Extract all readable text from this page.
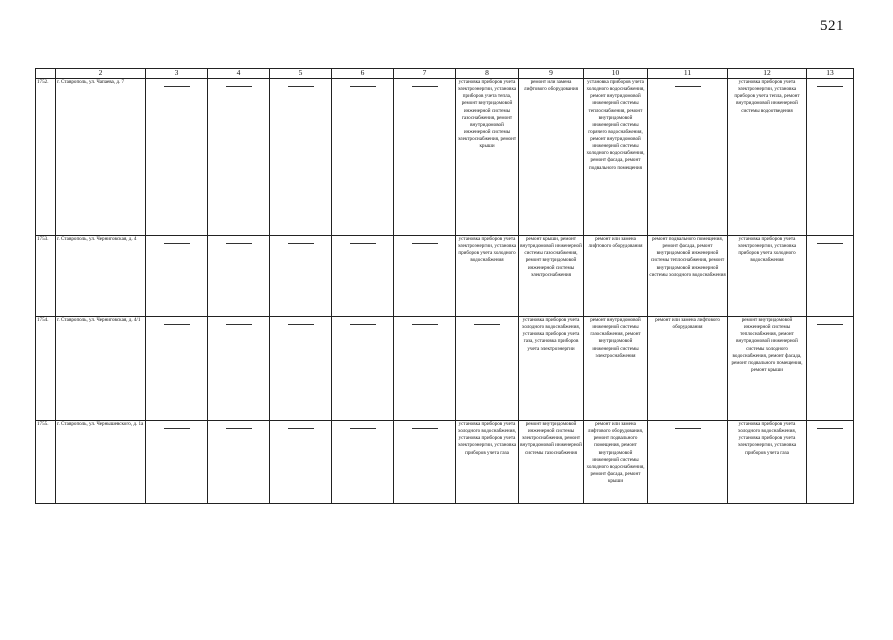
521
	2	3	4	5	6	7	8	9	10	11	12	13
1752.	г. Ставрополь, ул. Чапаева, д. 7						установка приборов учета электроэнергии, установка приборов учета тепла, ремонт внутридомовой инженерной системы газоснабжения, ремонт внутридомовой инженерной системы электроснабжения, ремонт крыши	ремонт или замена лифтового оборудования	установка приборов учета холодного водоснабжения, ремонт внутридомовой инженерной системы теплоснабжения, ремонт внутридомовой инженерной системы горячего водоснабжения, ремонт внутридомовой инженерной системы холодного водоснабжения, ремонт фасада, ремонт подвального помещения		установка приборов учета электроэнергии, установка приборов учета тепла, ремонт внутридомовой инженерной системы водоотведения	

1753.	г. Ставрополь, ул. Черниговская, д. 4						установка приборов учета электроэнергии, установка приборов учета холодного водоснабжения	ремонт крыши, ремонт внутридомовой инженерной системы газоснабжения, ремонт внутридомовой инженерной системы электроснабжения	ремонт или замена лифтового оборудования	ремонт подвального помещения, ремонт фасада, ремонт внутридомовой инженерной системы теплоснабжения, ремонт внутридомовой инженерной системы холодного водоснабжения	установка приборов учета электроэнергии, установка приборов учета холодного водоснабжения	

1754.	г. Ставрополь, ул. Черниговская, д. 4/1							установка приборов учета холодного водоснабжения, установка приборов учета газа, установка приборов учета электроэнергии	ремонт внутридомовой инженерной системы газоснабжения, ремонт внутридомовой инженерной системы электроснабжения	ремонт или замена лифтового оборудования	ремонт внутридомовой инженерной системы теплоснабжения, ремонт внутридомовой инженерной системы холодного водоснабжения, ремонт фасада, ремонт подвального помещения, ремонт крыши	

1755.	г. Ставрополь, ул. Чернышевского, д. 1а						установка приборов учета холодного водоснабжения, установка приборов учета электроэнергии, установка приборов учета газа	ремонт внутридомовой инженерной системы электроснабжения, ремонт внутридомовой инженерной системы газоснабжения	ремонт или замена лифтового оборудования, ремонт подвального помещения, ремонт внутридомовой инженерной системы холодного водоснабжения, ремонт фасада, ремонт крыши		установка приборов учета холодного водоснабжения, установка приборов учета электроэнергии, установка приборов учета газа	
